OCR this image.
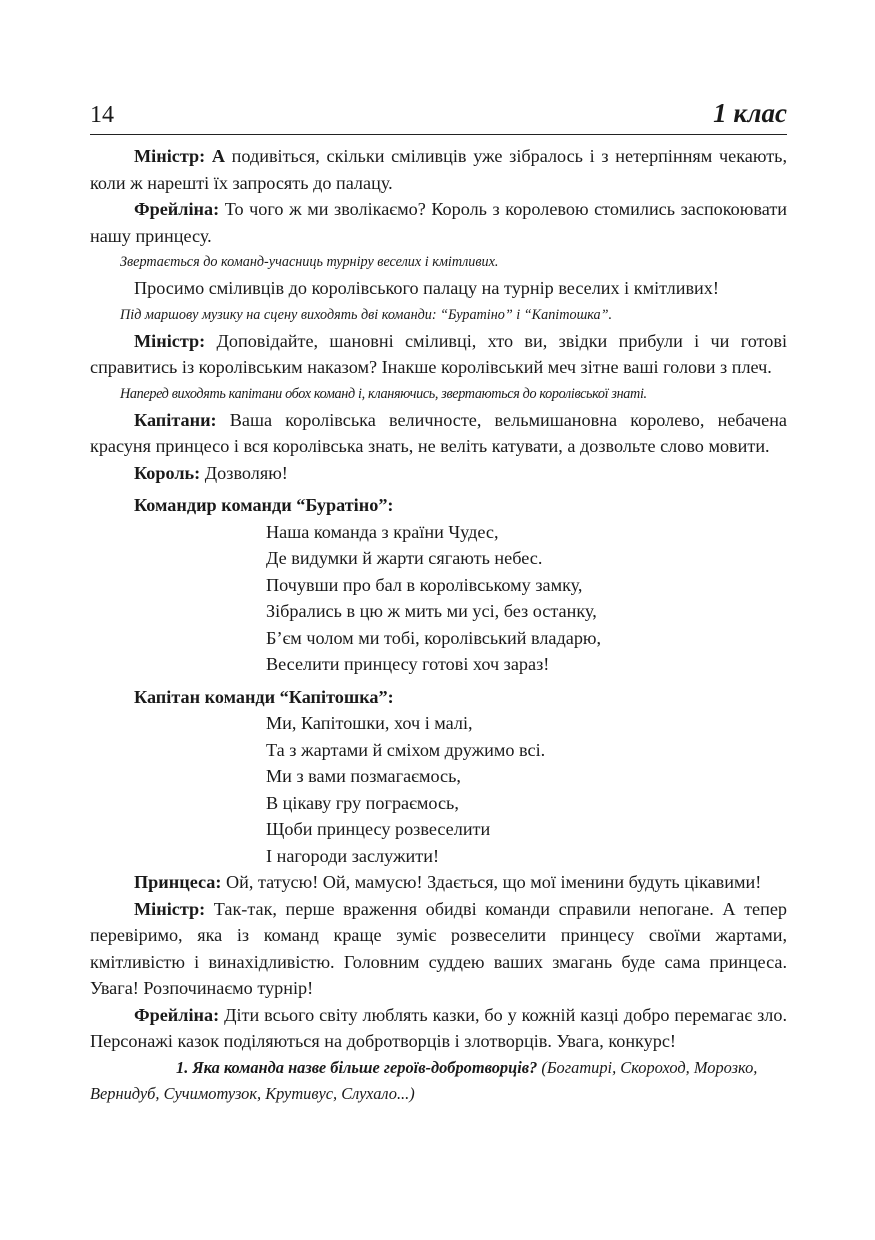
14	1 клас

Міністр: А подивіться, скільки сміливців уже зібралось і з нетерпінням чекають, коли ж нарешті їх запросять до палацу.

Фрейліна: То чого ж ми зволікаємо? Король з королевою стомились заспокоювати нашу принцесу.

Звертається до команд-учасниць турніру веселих і кмітливих.

Просимо сміливців до королівського палацу на турнір веселих і кмітливих!

Під маршову музику на сцену виходять дві команди: “Буратіно” і “Капітошка”.

Міністр: Доповідайте, шановні сміливці, хто ви, звідки прибули і чи готові справитись із королівським наказом? Інакше королівський меч зітне ваші голови з плеч.

Наперед виходять капітани обох команд і, кланяючись, звертаються до королівської знаті.

Капітани: Ваша королівська величносте, вельмишановна королево, небачена красуня принцесо і вся королівська знать, не веліть катувати, а дозвольте слово мовити.

Король: Дозволяю!

Командир команди “Буратіно”:

Наша команда з країни Чудес,
Де видумки й жарти сягають небес.
Почувши про бал в королівському замку,
Зібрались в цю ж мить ми усі, без останку,
Б’єм чолом ми тобі, королівський владарю,
Веселити принцесу готові хоч зараз!

Капітан команди “Капітошка”:

Ми, Капітошки, хоч і малі,
Та з жартами й сміхом дружимо всі.
Ми з вами позмагаємось,
В цікаву гру пограємось,
Щоби принцесу розвеселити
І нагороди заслужити!

Принцеса: Ой, татусю! Ой, мамусю! Здається, що мої іменини будуть цікавими!

Міністр: Так-так, перше враження обидві команди справили непогане. А тепер перевіримо, яка із команд краще зуміє розвеселити принцесу своїми жартами, кмітливістю і винахідливістю. Головним суддею ваших змагань буде сама принцеса. Увага! Розпочинаємо турнір!

Фрейліна: Діти всього світу люблять казки, бо у кожній казці добро перемагає зло. Персонажі казок поділяються на добротворців і злотворців. Увага, конкурс!

1. Яка команда назве більше героїв-добротворців? (Богатирі, Скороход, Морозко, Вернидуб, Сучимотузок, Крутивус, Слухало...)
